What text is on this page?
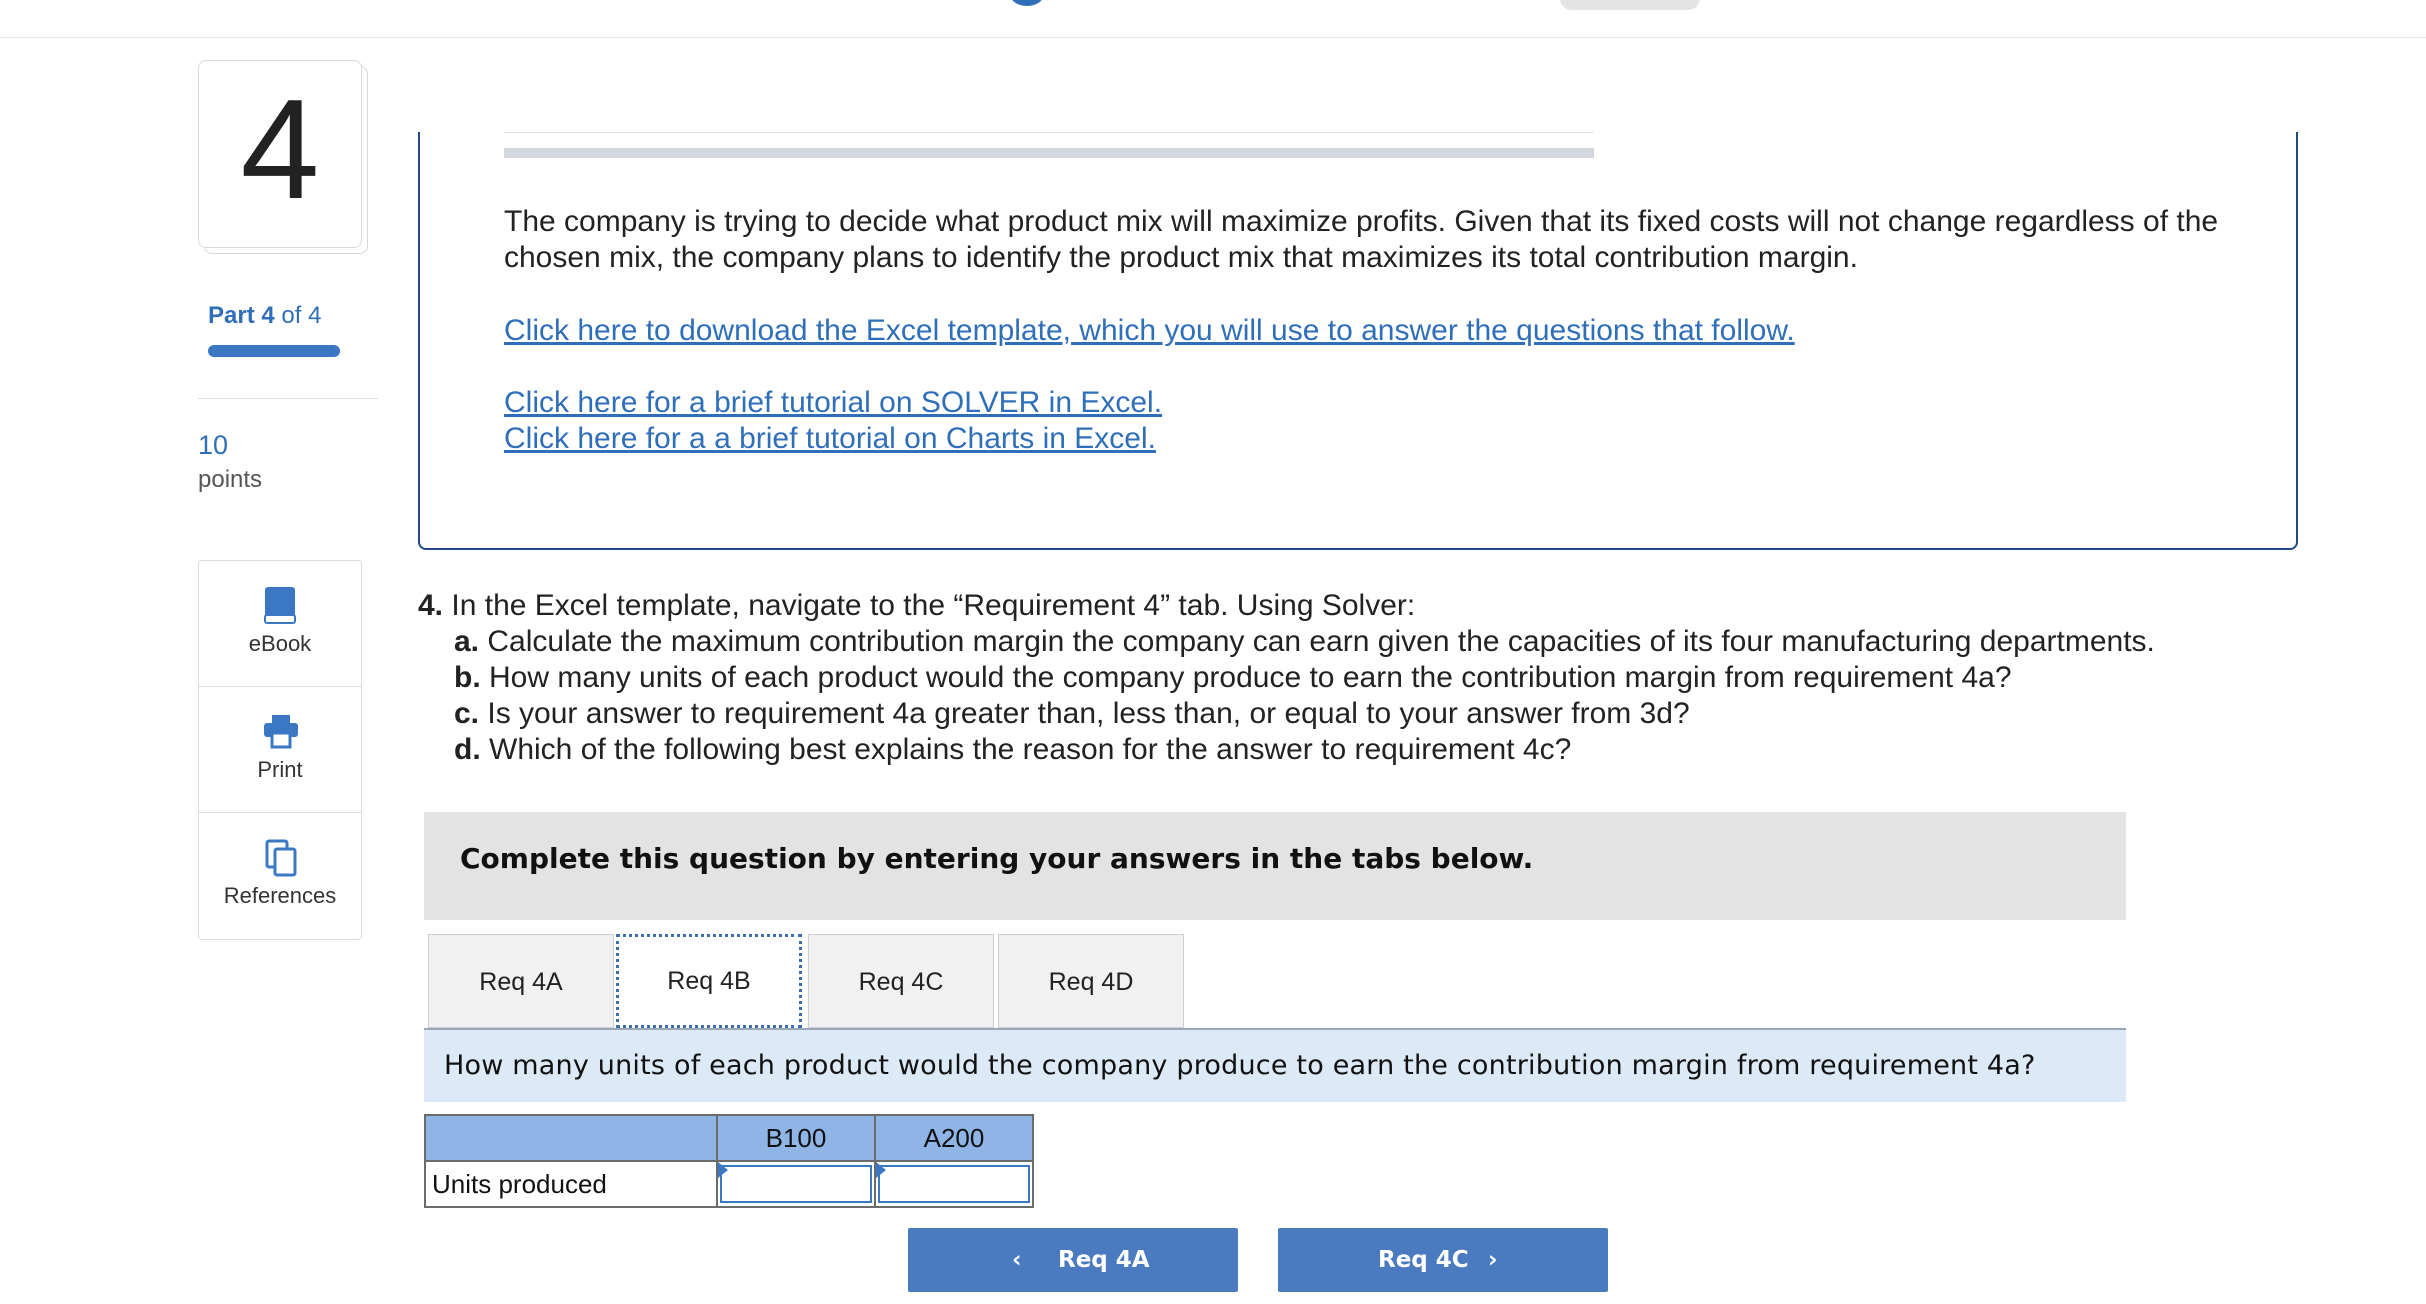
4
Part 4 of 4
10
points
eBook
Print
References
The company is trying to decide what product mix will maximize profits. Given that its fixed costs will not change regardless of the chosen mix, the company plans to identify the product mix that maximizes its total contribution margin.
Click here to download the Excel template, which you will use to answer the questions that follow.
Click here for a brief tutorial on SOLVER in Excel.
Click here for a a brief tutorial on Charts in Excel.
4. In the Excel template, navigate to the “Requirement 4” tab. Using Solver:
a. Calculate the maximum contribution margin the company can earn given the capacities of its four manufacturing departments.
b. How many units of each product would the company produce to earn the contribution margin from requirement 4a?
c. Is your answer to requirement 4a greater than, less than, or equal to your answer from 3d?
d. Which of the following best explains the reason for the answer to requirement 4c?
Complete this question by entering your answers in the tabs below.
Req 4A	Req 4B	Req 4C	Req 4D
How many units of each product would the company produce to earn the contribution margin from requirement 4a?
	B100	A200
Units produced	

‹ Req 4A	Req 4C ›
